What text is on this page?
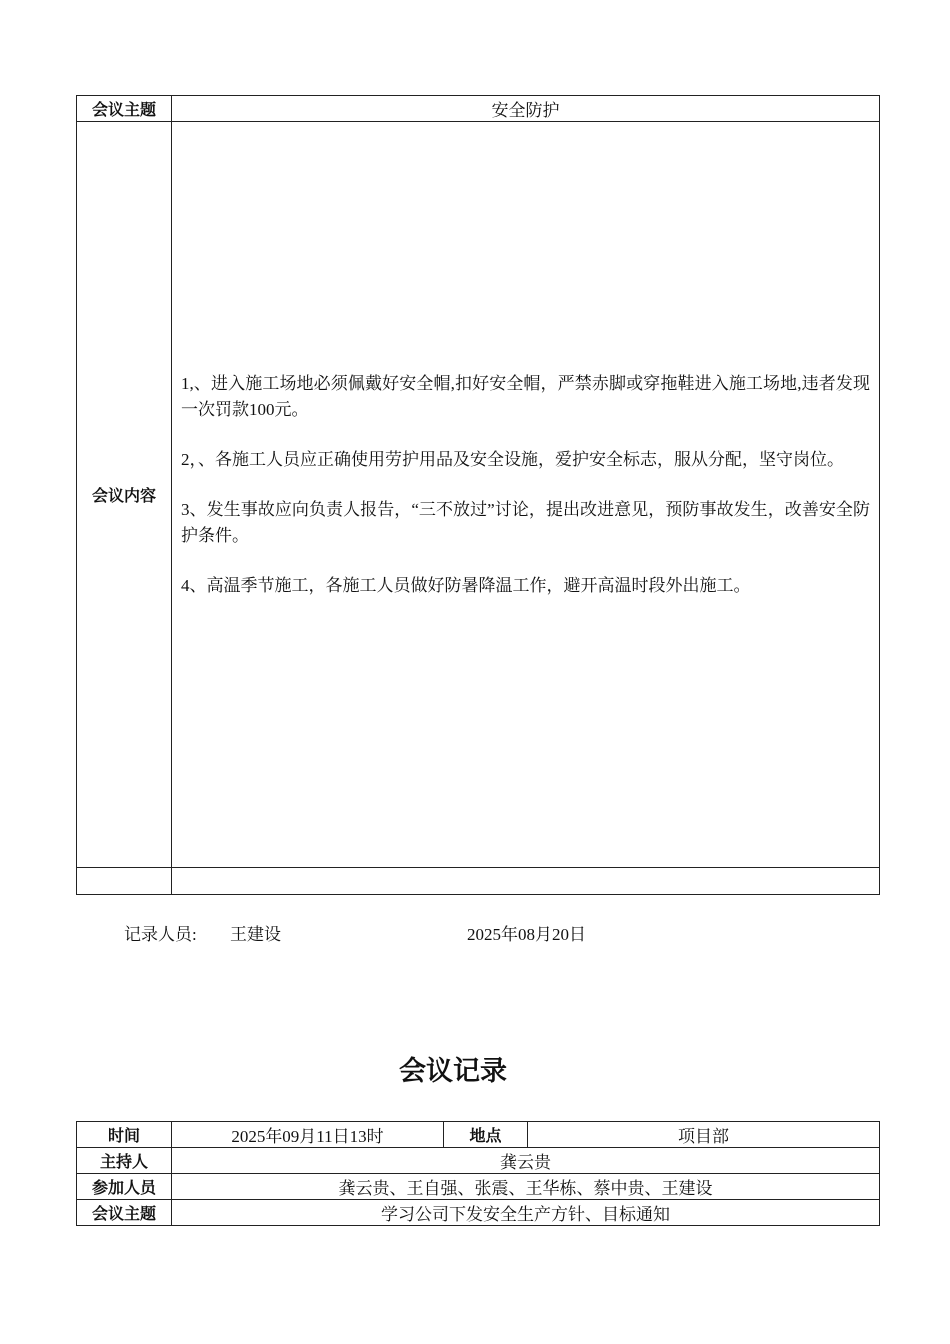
会议主题	安全防护
会议内容	1,、进入施工场地必须佩戴好安全帽,扣好安全帽，严禁赤脚或穿拖鞋进入施工场地,违者发现一次罚款100元。

2，、各施工人员应正确使用劳护用品及安全设施，爱护安全标志，服从分配，坚守岗位。

3、发生事故应向负责人报告，“三不放过”讨论，提出改进意见，预防事故发生，改善安全防护条件。

4、高温季节施工，各施工人员做好防暑降温工作，避开高温时段外出施工。

记录人员: 王建设	2025年08月20日
会议记录
时间	2025年09月11日13时	地点	项目部
主持人	龚云贵		
参加人员	龚云贵、王自强、张震、王华栋、蔡中贵、王建设		
会议主题	学习公司下发安全生产方针、目标通知		
